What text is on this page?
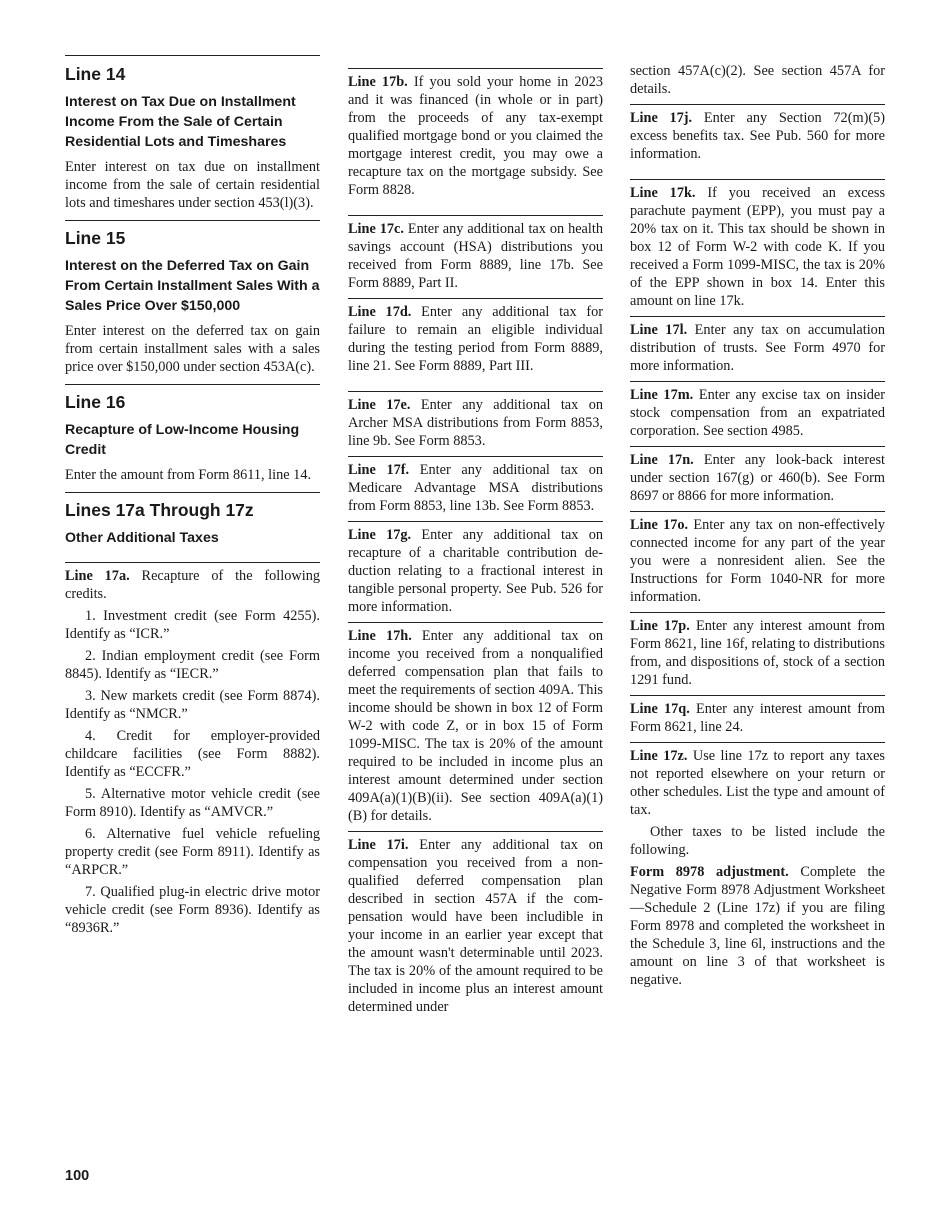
Line 14
Interest on Tax Due on Installment Income From the Sale of Certain Residential Lots and Timeshares

Enter interest on tax due on installment income from the sale of certain residential lots and timeshares under section 453(l)(3).

Line 15
Interest on the Deferred Tax on Gain From Certain Installment Sales With a Sales Price Over $150,000

Enter interest on the deferred tax on gain from certain installment sales with a sales price over $150,000 under section 453A(c).

Line 16
Recapture of Low-Income Housing Credit

Enter the amount from Form 8611, line 14.

Lines 17a Through 17z
Other Additional Taxes

Line 17a. Recapture of the following credits.

1. Investment credit (see Form 4255). Identify as “ICR.”

2. Indian employment credit (see Form 8845). Identify as “IECR.”

3. New markets credit (see Form 8874). Identify as “NMCR.”

4. Credit for employer-provided childcare facilities (see Form 8882). Identify as “ECCFR.”

5. Alternative motor vehicle credit (see Form 8910). Identify as “AMVCR.”

6. Alternative fuel vehicle refueling property credit (see Form 8911). Identify as “ARPCR.”

7. Qualified plug-in electric drive motor vehicle credit (see Form 8936). Identify as “8936R.”

Line 17b. If you sold your home in 2023 and it was financed (in whole or in part) from the proceeds of any tax-exempt qualified mortgage bond or you claimed the mortgage interest credit, you may owe a recapture tax on the mortgage subsidy. See Form 8828.

Line 17c. Enter any additional tax on health savings account (HSA) distributions you received from Form 8889, line 17b. See Form 8889, Part II.

Line 17d. Enter any additional tax for failure to remain an eligible individual during the testing period from Form 8889, line 21. See Form 8889, Part III.

Line 17e. Enter any additional tax on Archer MSA distributions from Form 8853, line 9b. See Form 8853.

Line 17f. Enter any additional tax on Medicare Advantage MSA distributions from Form 8853, line 13b. See Form 8853.

Line 17g. Enter any additional tax on recapture of a charitable contribution deduction relating to a fractional interest in tangible personal property. See Pub. 526 for more information.

Line 17h. Enter any additional tax on income you received from a nonqualified deferred compensation plan that fails to meet the requirements of section 409A. This income should be shown in box 12 of Form W-2 with code Z, or in box 15 of Form 1099-MISC. The tax is 20% of the amount required to be included in income plus an interest amount determined under section 409A(a)(1)(B)(ii). See section 409A(a)(1)(B) for details.

Line 17i. Enter any additional tax on compensation you received from a nonqualified deferred compensation plan described in section 457A if the compensation would have been includible in your income in an earlier year except that the amount wasn't determinable until 2023. The tax is 20% of the amount required to be included in income plus an interest amount determined under

section 457A(c)(2). See section 457A for details.

Line 17j. Enter any Section 72(m)(5) excess benefits tax. See Pub. 560 for more information.

Line 17k. If you received an excess parachute payment (EPP), you must pay a 20% tax on it. This tax should be shown in box 12 of Form W-2 with code K. If you received a Form 1099-MISC, the tax is 20% of the EPP shown in box 14. Enter this amount on line 17k.

Line 17l. Enter any tax on accumulation distribution of trusts. See Form 4970 for more information.

Line 17m. Enter any excise tax on insider stock compensation from an expatriated corporation. See section 4985.

Line 17n. Enter any look-back interest under section 167(g) or 460(b). See Form 8697 or 8866 for more information.

Line 17o. Enter any tax on non-effectively connected income for any part of the year you were a nonresident alien. See the Instructions for Form 1040-NR for more information.

Line 17p. Enter any interest amount from Form 8621, line 16f, relating to distributions from, and dispositions of, stock of a section 1291 fund.

Line 17q. Enter any interest amount from Form 8621, line 24.

Line 17z. Use line 17z to report any taxes not reported elsewhere on your return or other schedules. List the type and amount of tax.

Other taxes to be listed include the following.

Form 8978 adjustment. Complete the Negative Form 8978 Adjustment Worksheet—Schedule 2 (Line 17z) if you are filing Form 8978 and completed the worksheet in the Schedule 3, line 6l, instructions and the amount on line 3 of that worksheet is negative.

100
